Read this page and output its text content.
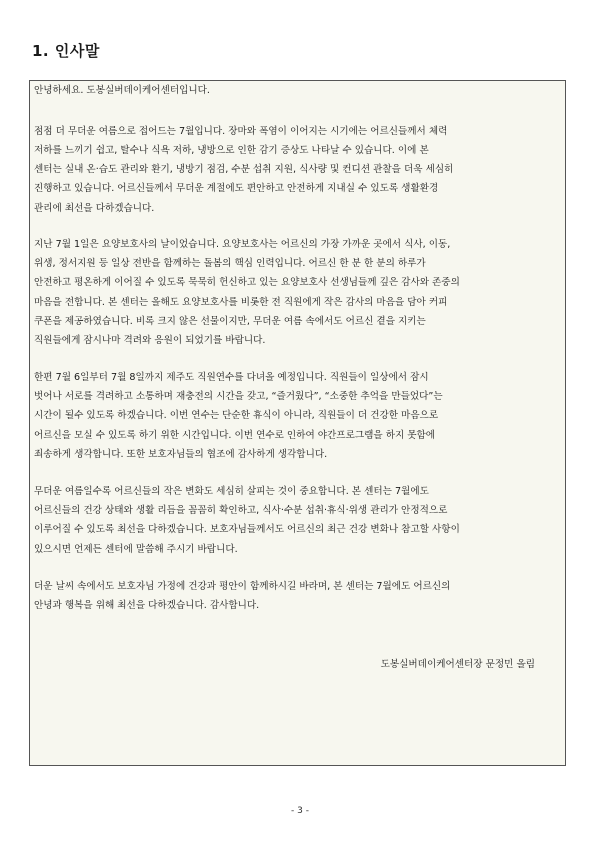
1. 인사말
안녕하세요. 도봉실버데이케어센터입니다.
점점 더 무더운 여름으로 접어드는 7월입니다. 장마와 폭염이 이어지는 시기에는 어르신들께서 체력
저하를 느끼기 쉽고, 탈수나 식욕 저하, 냉방으로 인한 감기 증상도 나타날 수 있습니다. 이에 본
센터는 실내 온·습도 관리와 환기, 냉방기 점검, 수분 섭취 지원, 식사량 및 컨디션 관찰을 더욱 세심히
진행하고 있습니다. 어르신들께서 무더운 계절에도 편안하고 안전하게 지내실 수 있도록 생활환경
관리에 최선을 다하겠습니다.
지난 7월 1일은 요양보호사의 날이었습니다. 요양보호사는 어르신의 가장 가까운 곳에서 식사, 이동,
위생, 정서지원 등 일상 전반을 함께하는 돌봄의 핵심 인력입니다. 어르신 한 분 한 분의 하루가
안전하고 평온하게 이어질 수 있도록 묵묵히 헌신하고 있는 요양보호사 선생님들께 깊은 감사와 존중의
마음을 전합니다. 본 센터는 올해도 요양보호사를 비롯한 전 직원에게 작은 감사의 마음을 담아 커피
쿠폰을 제공하였습니다. 비록 크지 않은 선물이지만, 무더운 여름 속에서도 어르신 곁을 지키는
직원들에게 잠시나마 격려와 응원이 되었기를 바랍니다.
한편 7월 6일부터 7월 8일까지 제주도 직원연수를 다녀올 예정입니다. 직원들이 일상에서 잠시
벗어나 서로를 격려하고 소통하며 재충전의 시간을 갖고, “즐거웠다”, “소중한 추억을 만들었다”는
시간이 될수 있도록 하겠습니다. 이번 연수는 단순한 휴식이 아니라, 직원들이 더 건강한 마음으로
어르신을 모실 수 있도록 하기 위한 시간입니다. 이번 연수로 인하여 야간프로그램을 하지 못함에
죄송하게 생각합니다. 또한 보호자님들의 협조에 감사하게 생각합니다.
무더운 여름일수록 어르신들의 작은 변화도 세심히 살피는 것이 중요합니다. 본 센터는 7월에도
어르신들의 건강 상태와 생활 리듬을 꼼꼼히 확인하고, 식사·수분 섭취·휴식·위생 관리가 안정적으로
이루어질 수 있도록 최선을 다하겠습니다. 보호자님들께서도 어르신의 최근 건강 변화나 참고할 사항이
있으시면 언제든 센터에 말씀해 주시기 바랍니다.
더운 날씨 속에서도 보호자님 가정에 건강과 평안이 함께하시길 바라며, 본 센터는 7월에도 어르신의
안녕과 행복을 위해 최선을 다하겠습니다. 감사합니다.
도봉실버데이케어센터장 문정민 올림
- 3 -
